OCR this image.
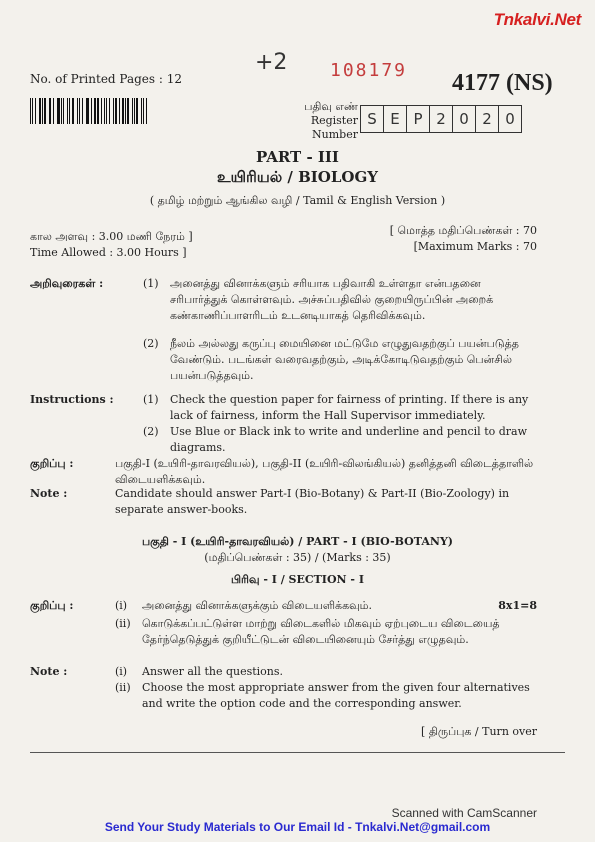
Tnkalvi.Net
No. of Printed Pages : 12
+2 108179 4177 (NS)
பதிவு எண்
Register Number
S E P 2 0 2 0
PART - III
உயிரியல் / BIOLOGY
( தமிழ் மற்றும் ஆங்கில வழி / Tamil & English Version )
கால அளவு : 3.00 மணி நேரம் ]
Time Allowed : 3.00 Hours ]
[ மொத்த மதிப்பெண்கள் : 70
[Maximum Marks : 70
அறிவுரைகள் :	(1) அனைத்து வினாக்களும் சரியாக பதிவாகி உள்ளதா என்பதனை சரிபார்த்துக் கொள்ளவும். அச்சுப்பதிவில் குறையிருப்பின் அறைக் கண்காணிப்பாளரிடம் உடனடியாகத் தெரிவிக்கவும்.
(2) நீலம் அல்லது கருப்பு மையினை மட்டுமே எழுதுவதற்குப் பயன்படுத்த வேண்டும். படங்கள் வரைவதற்கும், அடிக்கோடிடுவதற்கும் பென்சில் பயன்படுத்தவும்.
Instructions :	(1) Check the question paper for fairness of printing. If there is any lack of fairness, inform the Hall Supervisor immediately.
(2) Use Blue or Black ink to write and underline and pencil to draw diagrams.
குறிப்பு :	பகுதி-I (உயிரி-தாவரவியல்), பகுதி-II (உயிரி-விலங்கியல்) தனித்தனி விடைத்தாளில் விடையளிக்கவும்.
Note :	Candidate should answer Part-I (Bio-Botany) & Part-II (Bio-Zoology) in separate answer-books.
பகுதி - I (உயிரி-தாவரவியல்) / PART - I (BIO-BOTANY)
(மதிப்பெண்கள் : 35) / (Marks : 35)
பிரிவு - I / SECTION - I
குறிப்பு :	(i) அனைத்து வினாக்களுக்கும் விடையளிக்கவும்.	8x1=8
(ii) கொடுக்கப்பட்டுள்ள மாற்று விடைகளில் மிகவும் ஏற்புடைய விடையைத் தேர்ந்தெடுத்துக் குறியீட்டுடன் விடையினையும் சேர்த்து எழுதவும்.
Note :	(i) Answer all the questions.
(ii) Choose the most appropriate answer from the given four alternatives and write the option code and the corresponding answer.
[ திருப்புக / Turn over
Scanned with CamScanner
Send Your Study Materials to Our Email Id - Tnkalvi.Net@gmail.com
